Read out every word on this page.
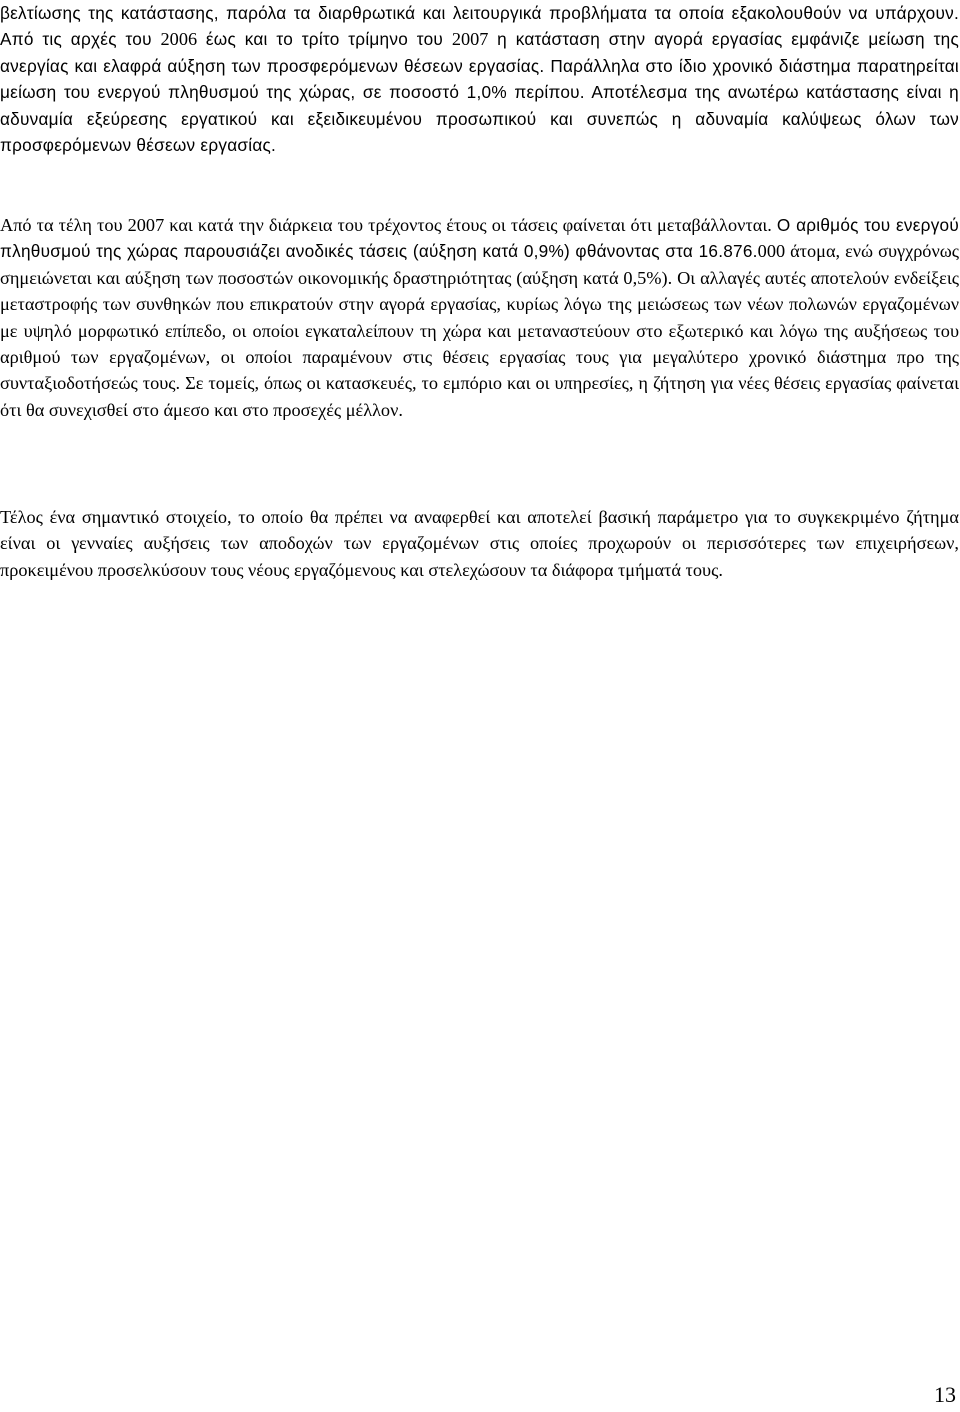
βελτίωσης της κατάστασης, παρόλα τα διαρθρωτικά και λειτουργικά προβλήματα τα οποία εξακολουθούν να υπάρχουν. Από τις αρχές του 2006 έως και το τρίτο τρίμηνο του 2007 η κατάσταση στην αγορά εργασίας εμφάνιζε μείωση της ανεργίας και ελαφρά αύξηση των προσφερόμενων θέσεων εργασίας. Παράλληλα στο ίδιο χρονικό διάστημα παρατηρείται μείωση του ενεργού πληθυσμού της χώρας, σε ποσοστό 1,0% περίπου. Αποτέλεσμα της ανωτέρω κατάστασης είναι η αδυναμία εξεύρεσης εργατικού και εξειδικευμένου προσωπικού και συνεπώς η αδυναμία καλύψεως όλων των προσφερόμενων θέσεων εργασίας.

Από τα τέλη του 2007 και κατά την διάρκεια του τρέχοντος έτους οι τάσεις φαίνεται ότι μεταβάλλονται. Ο αριθμός του ενεργού πληθυσμού της χώρας παρουσιάζει ανοδικές τάσεις (αύξηση κατά 0,9%) φθάνοντας στα 16.876.000 άτομα, ενώ συγχρόνως σημειώνεται και αύξηση των ποσοστών οικονομικής δραστηριότητας (αύξηση κατά 0,5%). Οι αλλαγές αυτές αποτελούν ενδείξεις μεταστροφής των συνθηκών που επικρατούν στην αγορά εργασίας, κυρίως λόγω της μειώσεως των νέων πολωνών εργαζομένων με υψηλό μορφωτικό επίπεδο, οι οποίοι εγκαταλείπουν τη χώρα και μεταναστεύουν στο εξωτερικό και λόγω της αυξήσεως του αριθμού των εργαζομένων, οι οποίοι παραμένουν στις θέσεις εργασίας τους για μεγαλύτερο χρονικό διάστημα προ της συνταξιοδοτήσεώς τους. Σε τομείς, όπως οι κατασκευές, το εμπόριο και οι υπηρεσίες, η ζήτηση για νέες θέσεις εργασίας φαίνεται ότι θα συνεχισθεί στο άμεσο και στο προσεχές μέλλον.

Τέλος ένα σημαντικό στοιχείο, το οποίο θα πρέπει να αναφερθεί και αποτελεί βασική παράμετρο για το συγκεκριμένο ζήτημα είναι οι γενναίες αυξήσεις των αποδοχών των εργαζομένων στις οποίες προχωρούν οι περισσότερες των επιχειρήσεων, προκειμένου προσελκύσουν τους νέους εργαζόμενους και στελεχώσουν τα διάφορα τμήματά τους.

13
